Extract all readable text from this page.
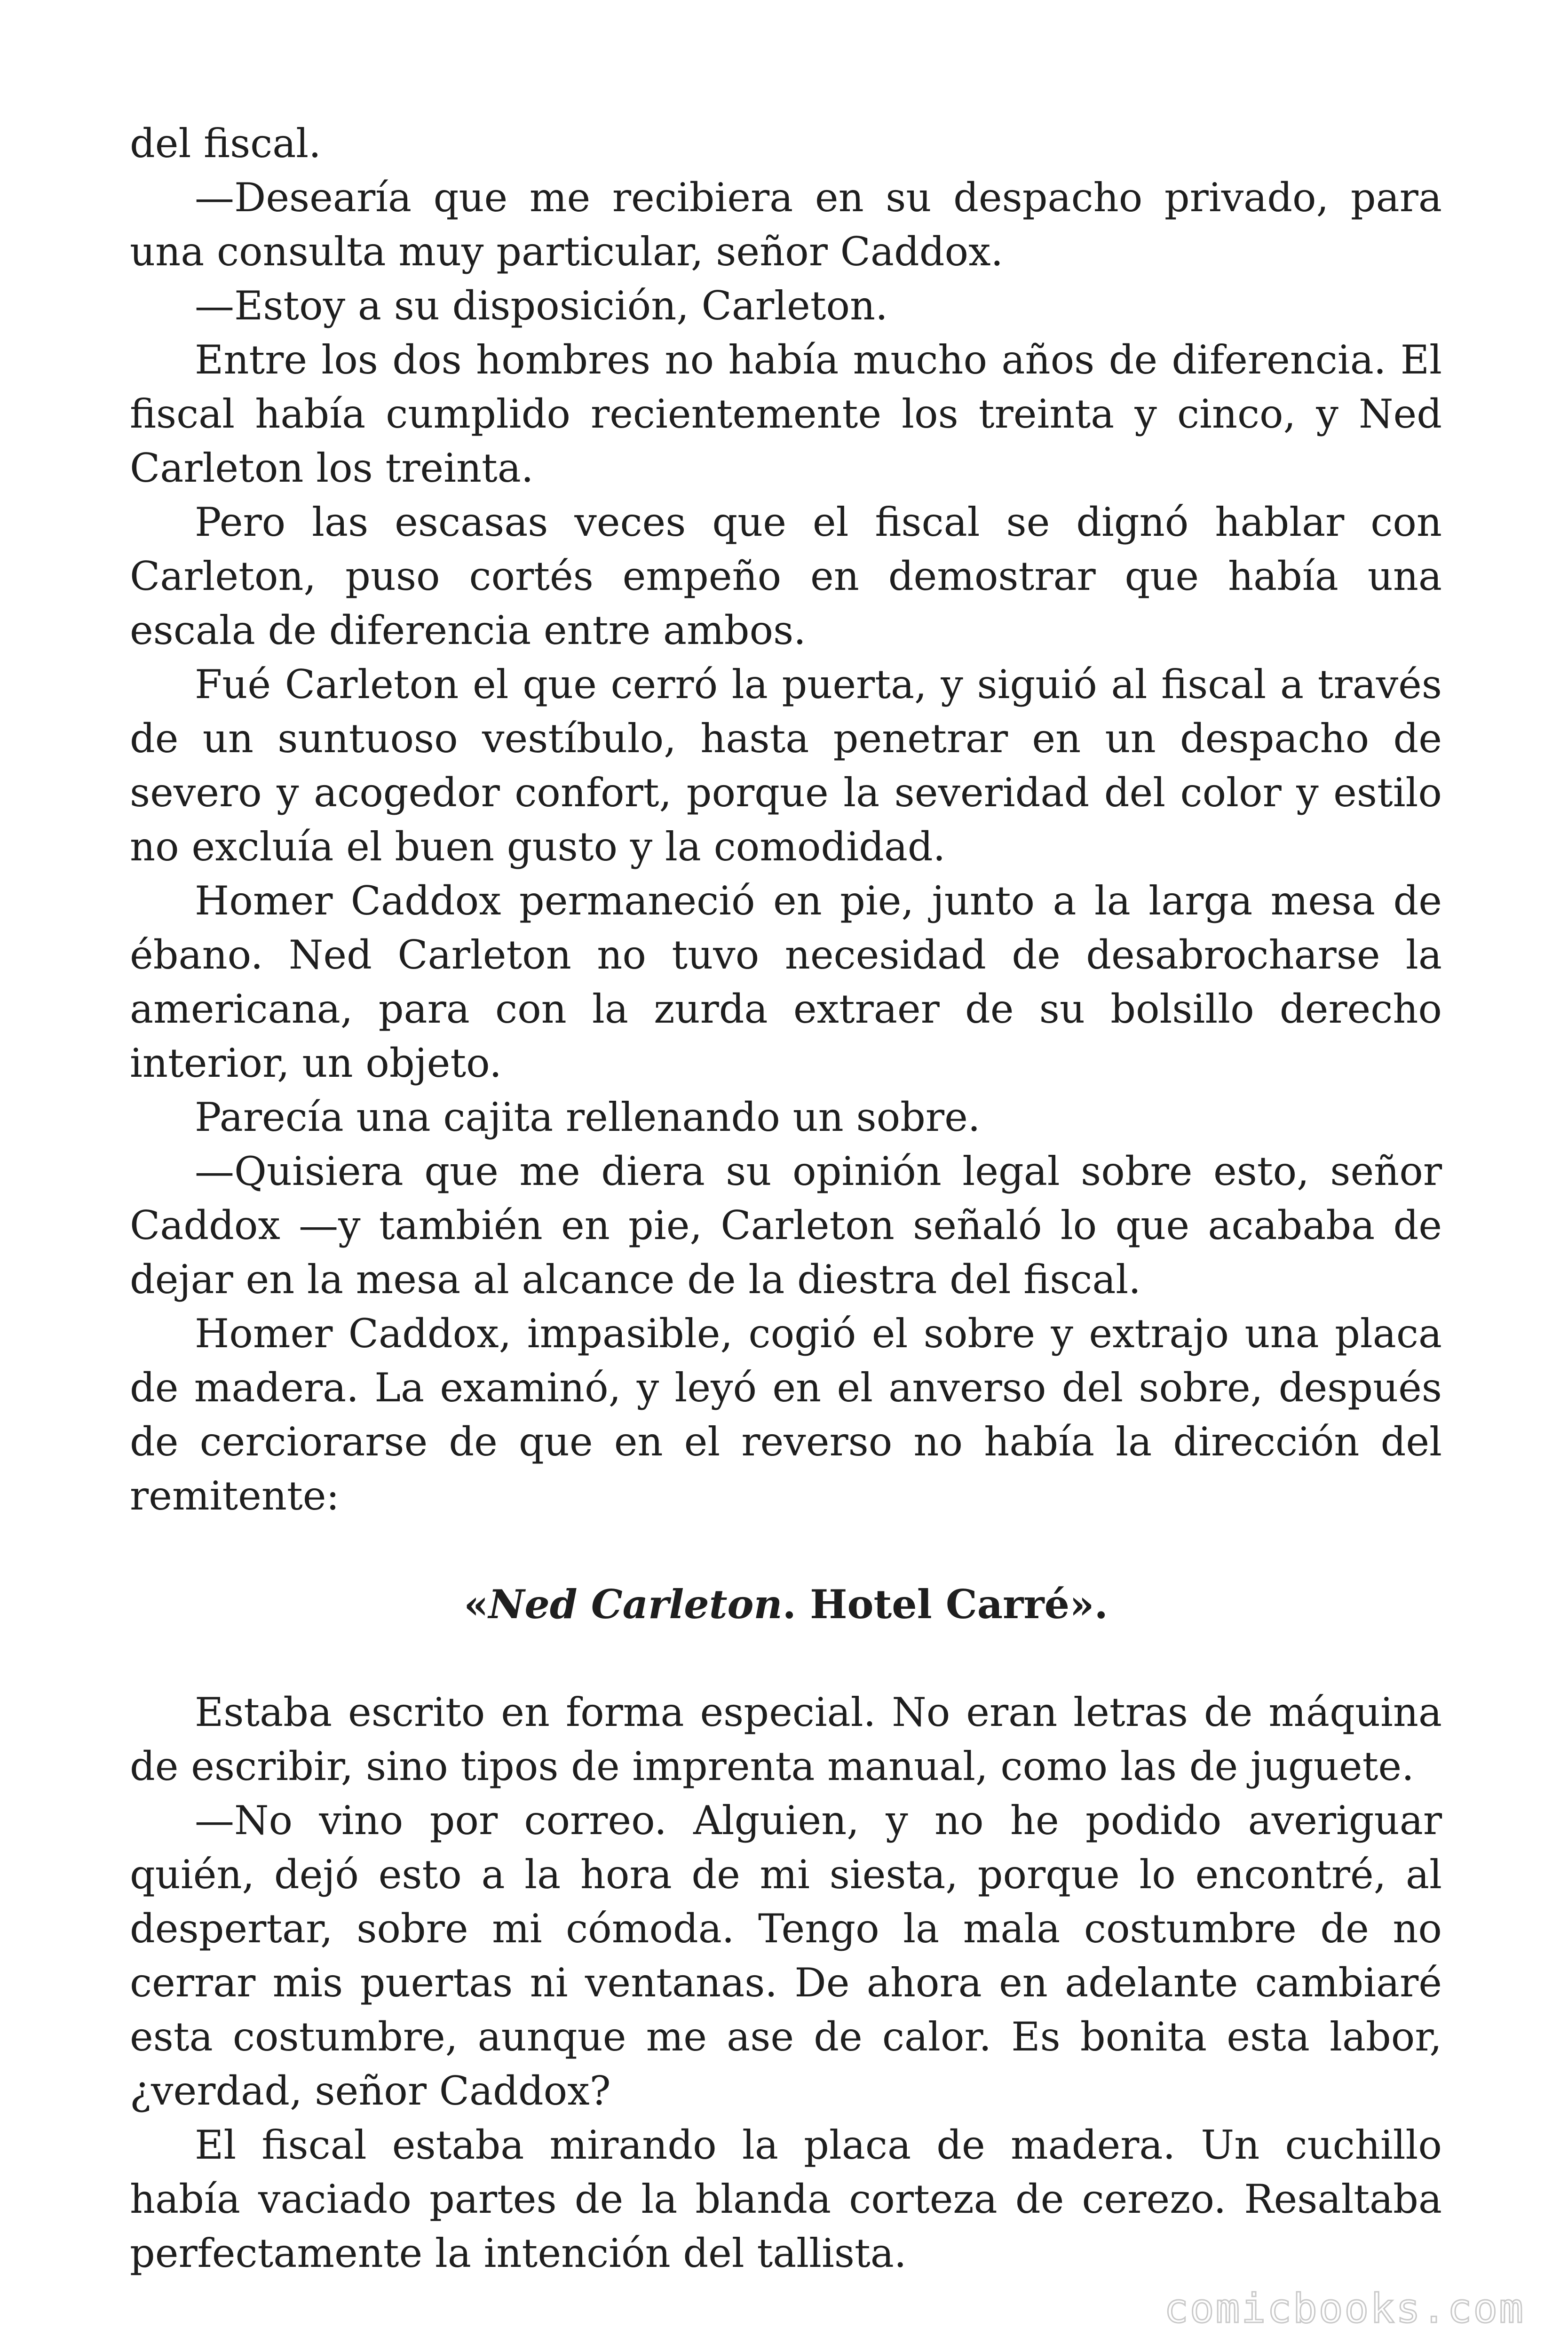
del fiscal.

—Desearía que me recibiera en su despacho privado, para una consulta muy particular, señor Caddox.

—Estoy a su disposición, Carleton.

Entre los dos hombres no había mucho años de diferencia. El fiscal había cumplido recientemente los treinta y cinco, y Ned Carleton los treinta.

Pero las escasas veces que el fiscal se dignó hablar con Carleton, puso cortés empeño en demostrar que había una escala de diferencia entre ambos.

Fué Carleton el que cerró la puerta, y siguió al fiscal a través de un suntuoso vestíbulo, hasta penetrar en un despacho de severo y acogedor confort, porque la severidad del color y estilo no excluía el buen gusto y la comodidad.

Homer Caddox permaneció en pie, junto a la larga mesa de ébano. Ned Carleton no tuvo necesidad de desabrocharse la americana, para con la zurda extraer de su bolsillo derecho interior, un objeto.

Parecía una cajita rellenando un sobre.

—Quisiera que me diera su opinión legal sobre esto, señor Caddox —y también en pie, Carleton señaló lo que acababa de dejar en la mesa al alcance de la diestra del fiscal.

Homer Caddox, impasible, cogió el sobre y extrajo una placa de madera. La examinó, y leyó en el anverso del sobre, después de cerciorarse de que en el reverso no había la dirección del remitente:

«Ned Carleton. Hotel Carré».

Estaba escrito en forma especial. No eran letras de máquina de escribir, sino tipos de imprenta manual, como las de juguete.

—No vino por correo. Alguien, y no he podido averiguar quién, dejó esto a la hora de mi siesta, porque lo encontré, al despertar, sobre mi cómoda. Tengo la mala costumbre de no cerrar mis puertas ni ventanas. De ahora en adelante cambiaré esta costumbre, aunque me ase de calor. Es bonita esta labor, ¿verdad, señor Caddox?

El fiscal estaba mirando la placa de madera. Un cuchillo había vaciado partes de la blanda corteza de cerezo. Resaltaba perfectamente la intención del tallista.

comicbooks.com
